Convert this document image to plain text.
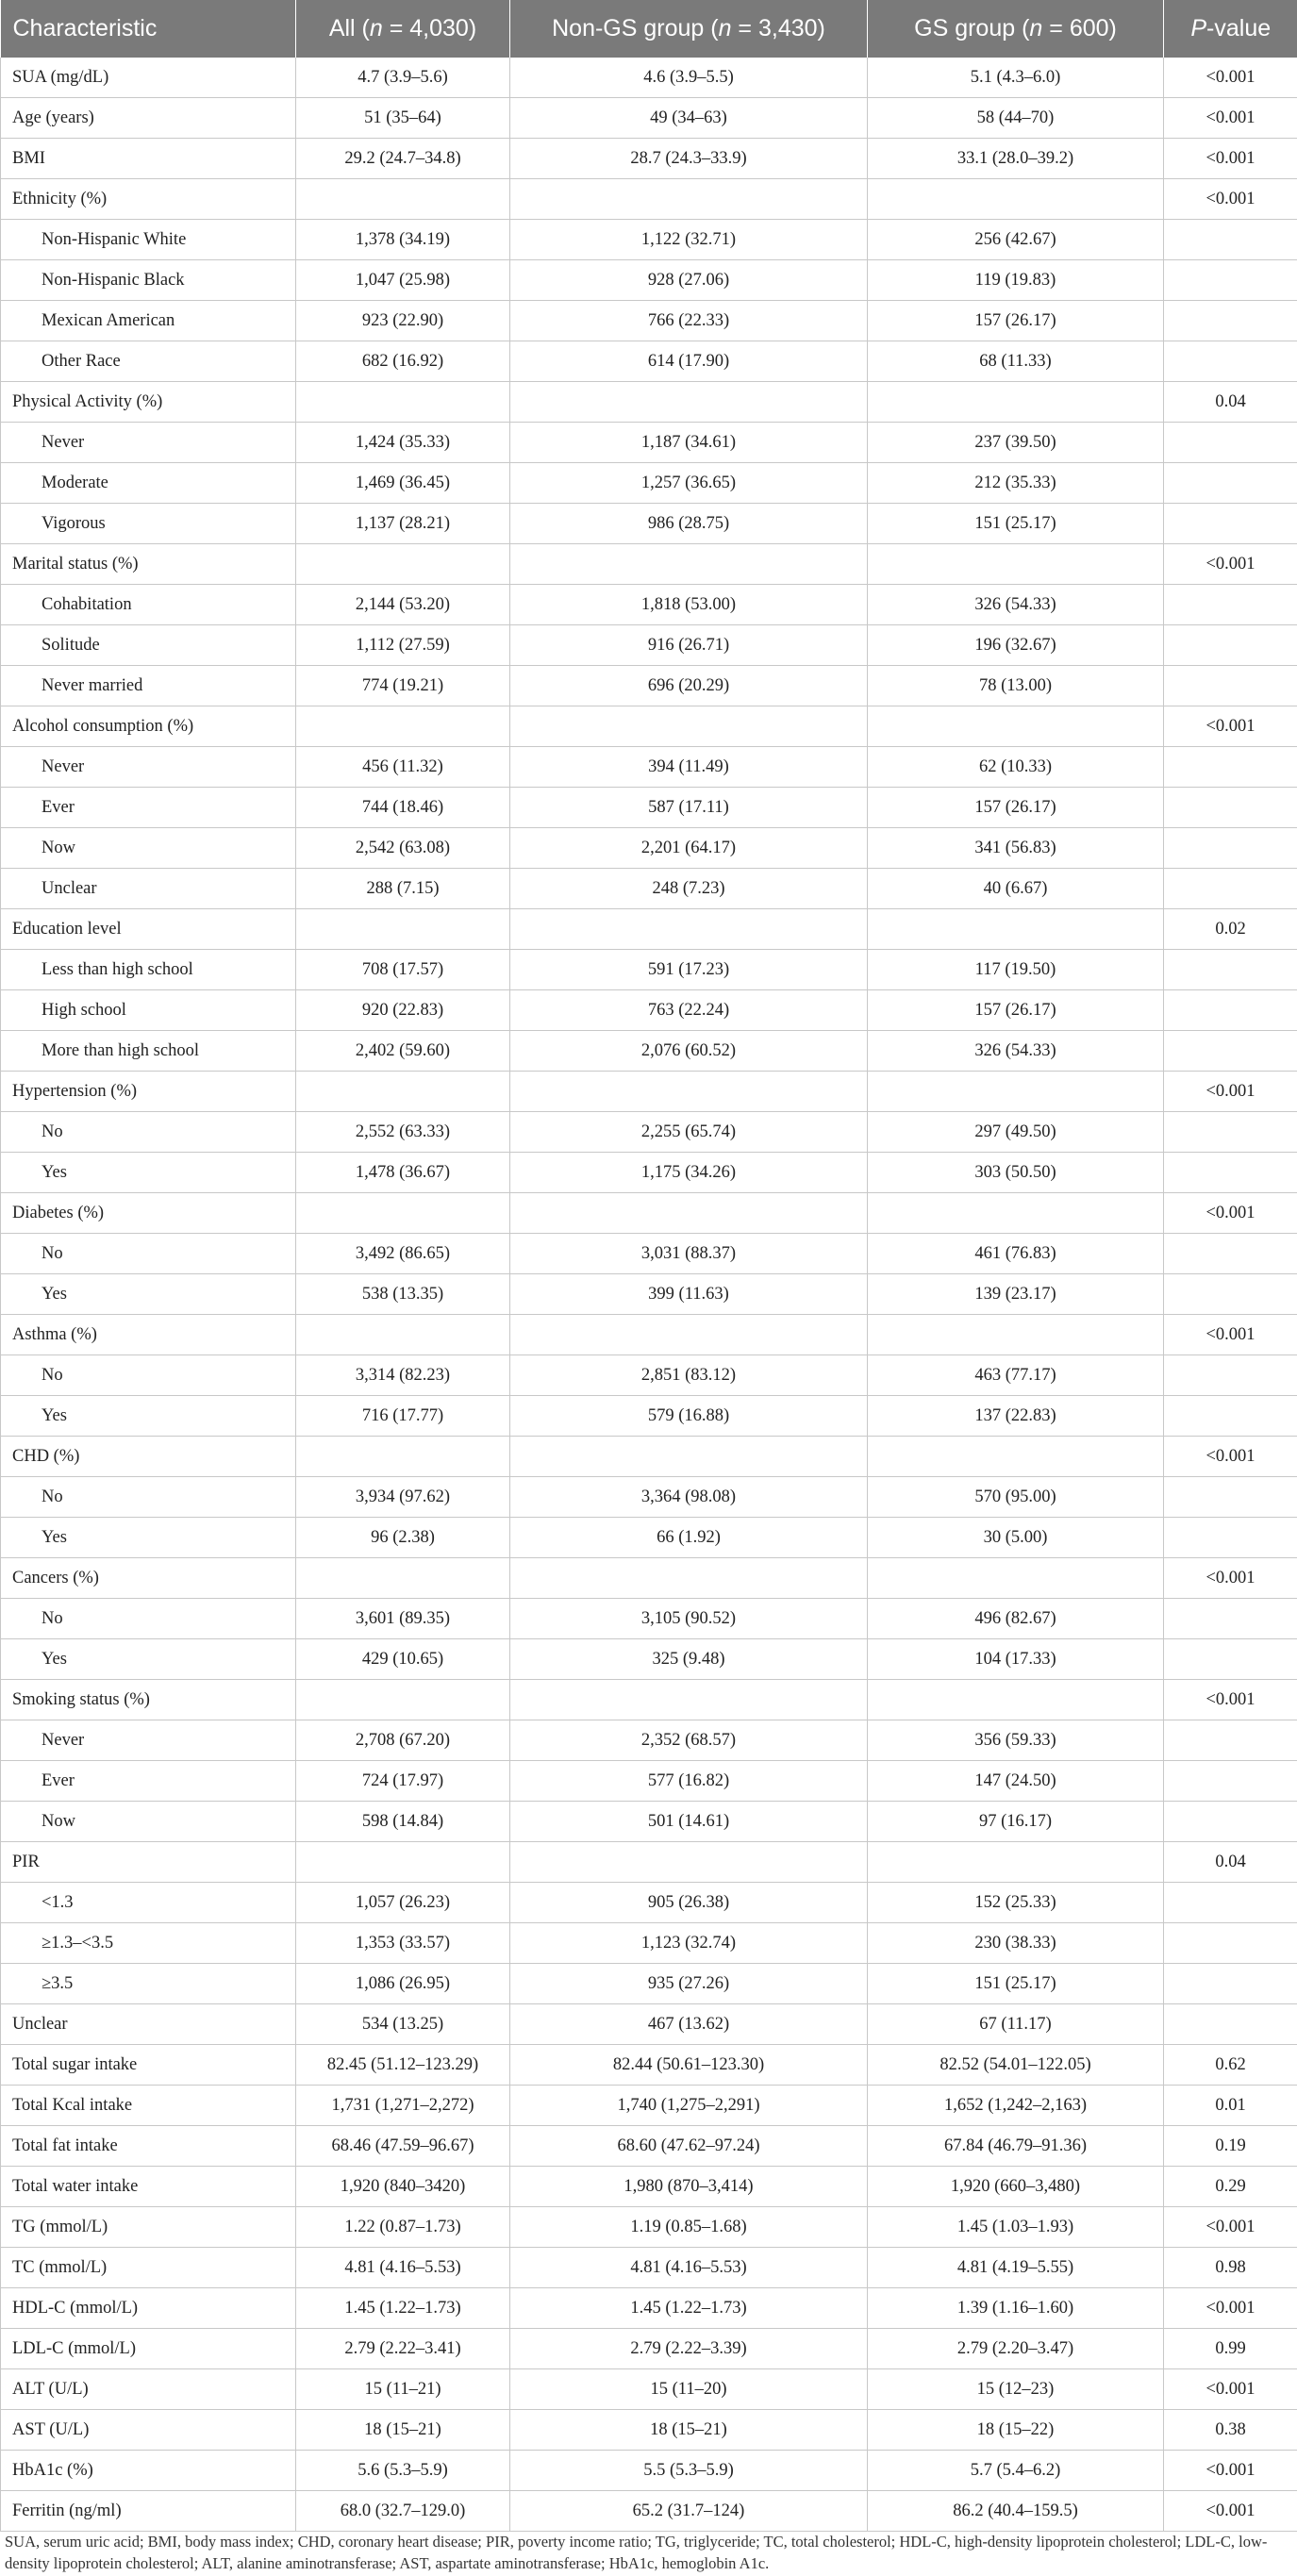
Characteristic	All (n = 4,030)	Non-GS group (n = 3,430)	GS group (n = 600)	P-value
SUA (mg/dL)	4.7 (3.9–5.6)	4.6 (3.9–5.5)	5.1 (4.3–6.0)	<0.001
Age (years)	51 (35–64)	49 (34–63)	58 (44–70)	<0.001
BMI	29.2 (24.7–34.8)	28.7 (24.3–33.9)	33.1 (28.0–39.2)	<0.001
Ethnicity (%)				<0.001
Non-Hispanic White	1,378 (34.19)	1,122 (32.71)	256 (42.67)	
Non-Hispanic Black	1,047 (25.98)	928 (27.06)	119 (19.83)	
Mexican American	923 (22.90)	766 (22.33)	157 (26.17)	
Other Race	682 (16.92)	614 (17.90)	68 (11.33)	
Physical Activity (%)				0.04
Never	1,424 (35.33)	1,187 (34.61)	237 (39.50)	
Moderate	1,469 (36.45)	1,257 (36.65)	212 (35.33)	
Vigorous	1,137 (28.21)	986 (28.75)	151 (25.17)	
Marital status (%)				<0.001
Cohabitation	2,144 (53.20)	1,818 (53.00)	326 (54.33)	
Solitude	1,112 (27.59)	916 (26.71)	196 (32.67)	
Never married	774 (19.21)	696 (20.29)	78 (13.00)	
Alcohol consumption (%)				<0.001
Never	456 (11.32)	394 (11.49)	62 (10.33)	
Ever	744 (18.46)	587 (17.11)	157 (26.17)	
Now	2,542 (63.08)	2,201 (64.17)	341 (56.83)	
Unclear	288 (7.15)	248 (7.23)	40 (6.67)	
Education level				0.02
Less than high school	708 (17.57)	591 (17.23)	117 (19.50)	
High school	920 (22.83)	763 (22.24)	157 (26.17)	
More than high school	2,402 (59.60)	2,076 (60.52)	326 (54.33)	
Hypertension (%)				<0.001
No	2,552 (63.33)	2,255 (65.74)	297 (49.50)	
Yes	1,478 (36.67)	1,175 (34.26)	303 (50.50)	
Diabetes (%)				<0.001
No	3,492 (86.65)	3,031 (88.37)	461 (76.83)	
Yes	538 (13.35)	399 (11.63)	139 (23.17)	
Asthma (%)				<0.001
No	3,314 (82.23)	2,851 (83.12)	463 (77.17)	
Yes	716 (17.77)	579 (16.88)	137 (22.83)	
CHD (%)				<0.001
No	3,934 (97.62)	3,364 (98.08)	570 (95.00)	
Yes	96 (2.38)	66 (1.92)	30 (5.00)	
Cancers (%)				<0.001
No	3,601 (89.35)	3,105 (90.52)	496 (82.67)	
Yes	429 (10.65)	325 (9.48)	104 (17.33)	
Smoking status (%)				<0.001
Never	2,708 (67.20)	2,352 (68.57)	356 (59.33)	
Ever	724 (17.97)	577 (16.82)	147 (24.50)	
Now	598 (14.84)	501 (14.61)	97 (16.17)	
PIR				0.04
<1.3	1,057 (26.23)	905 (26.38)	152 (25.33)	
≥1.3–<3.5	1,353 (33.57)	1,123 (32.74)	230 (38.33)	
≥3.5	1,086 (26.95)	935 (27.26)	151 (25.17)	
Unclear	534 (13.25)	467 (13.62)	67 (11.17)	
Total sugar intake	82.45 (51.12–123.29)	82.44 (50.61–123.30)	82.52 (54.01–122.05)	0.62
Total Kcal intake	1,731 (1,271–2,272)	1,740 (1,275–2,291)	1,652 (1,242–2,163)	0.01
Total fat intake	68.46 (47.59–96.67)	68.60 (47.62–97.24)	67.84 (46.79–91.36)	0.19
Total water intake	1,920 (840–3420)	1,980 (870–3,414)	1,920 (660–3,480)	0.29
TG (mmol/L)	1.22 (0.87–1.73)	1.19 (0.85–1.68)	1.45 (1.03–1.93)	<0.001
TC (mmol/L)	4.81 (4.16–5.53)	4.81 (4.16–5.53)	4.81 (4.19–5.55)	0.98
HDL-C (mmol/L)	1.45 (1.22–1.73)	1.45 (1.22–1.73)	1.39 (1.16–1.60)	<0.001
LDL-C (mmol/L)	2.79 (2.22–3.41)	2.79 (2.22–3.39)	2.79 (2.20–3.47)	0.99
ALT (U/L)	15 (11–21)	15 (11–20)	15 (12–23)	<0.001
AST (U/L)	18 (15–21)	18 (15–21)	18 (15–22)	0.38
HbA1c (%)	5.6 (5.3–5.9)	5.5 (5.3–5.9)	5.7 (5.4–6.2)	<0.001
Ferritin (ng/ml)	68.0 (32.7–129.0)	65.2 (31.7–124)	86.2 (40.4–159.5)	<0.001
SUA, serum uric acid; BMI, body mass index; CHD, coronary heart disease; PIR, poverty income ratio; TG, triglyceride; TC, total cholesterol; HDL-C, high-density lipoprotein cholesterol; LDL-C, low-density lipoprotein cholesterol; ALT, alanine aminotransferase; AST, aspartate aminotransferase; HbA1c, hemoglobin A1c.
